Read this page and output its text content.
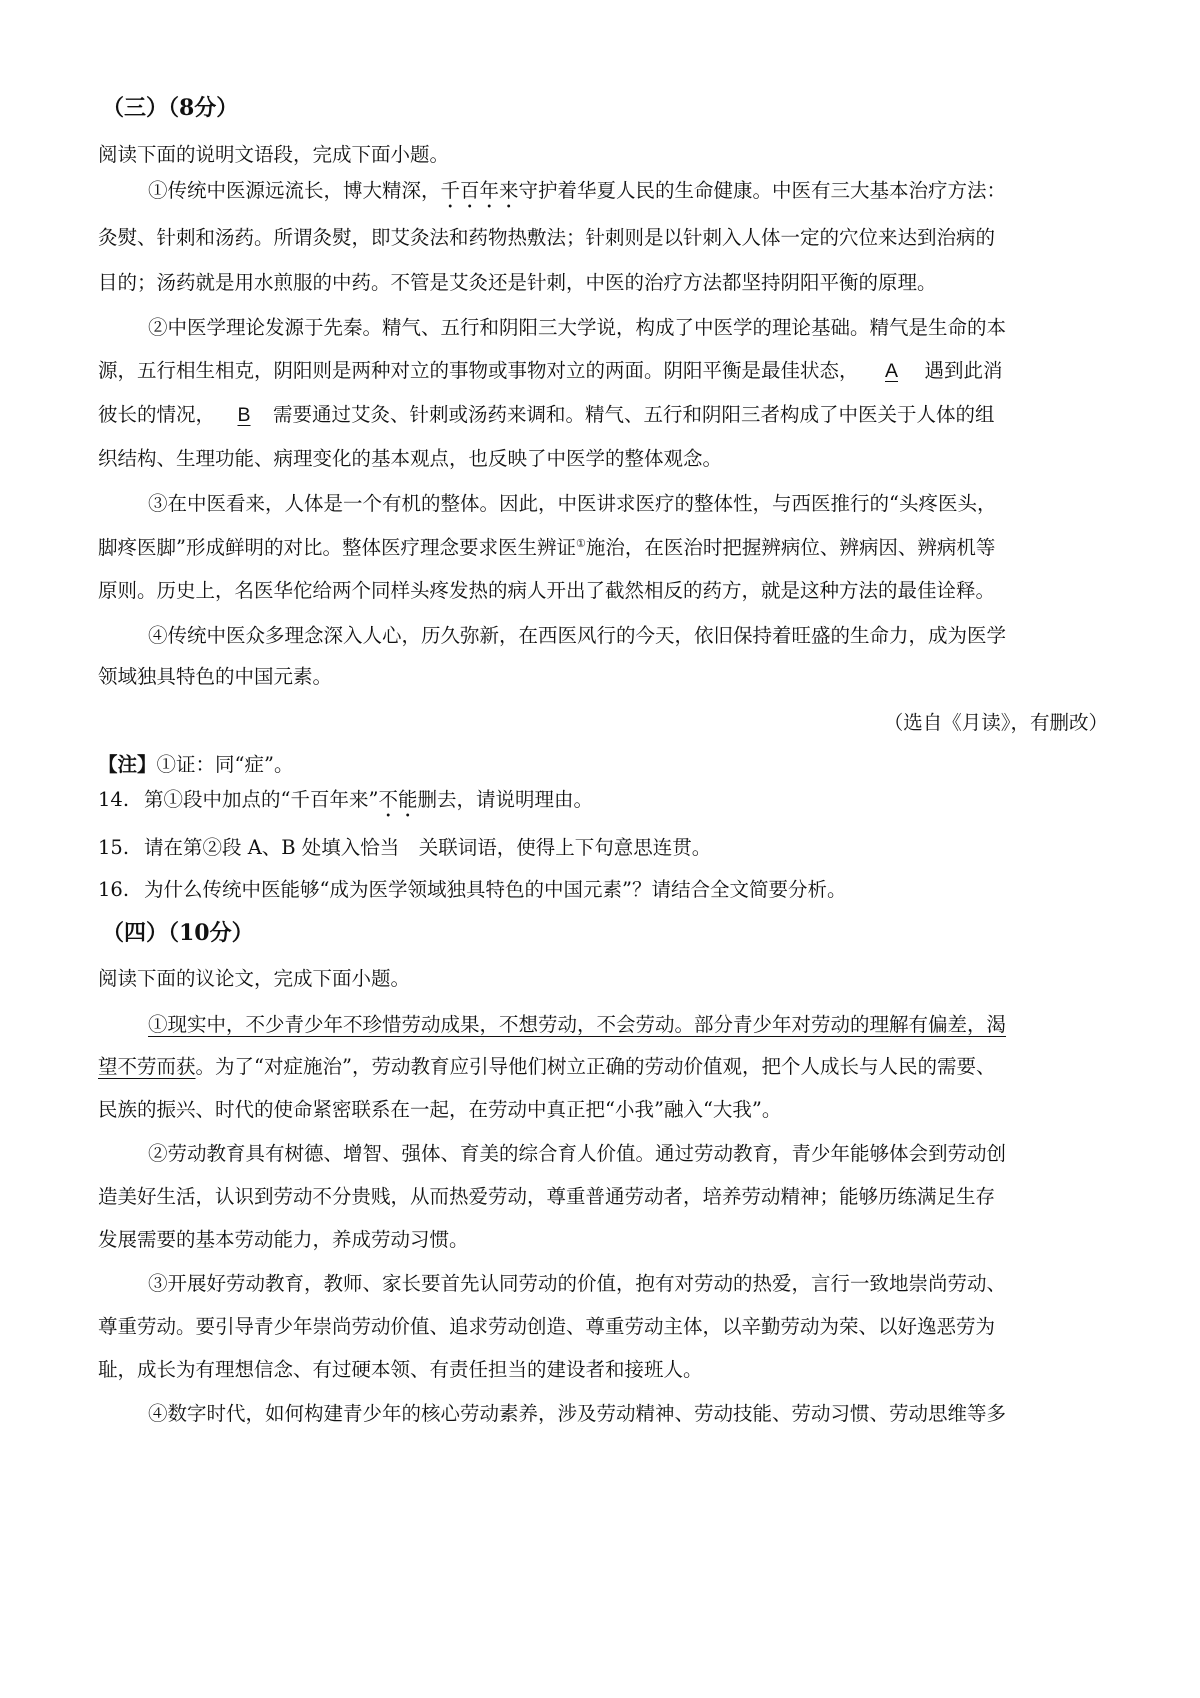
（三）（8分）
阅读下面的说明文语段，完成下面小题。
①传统中医源远流长，博大精深，千百年来守护着华夏人民的生命健康。中医有三大基本治疗方法：
灸熨、针刺和汤药。所谓灸熨，即艾灸法和药物热敷法；针刺则是以针刺入人体一定的穴位来达到治病的
目的；汤药就是用水煎服的中药。不管是艾灸还是针刺，中医的治疗方法都坚持阴阳平衡的原理。
②中医学理论发源于先秦。精气、五行和阴阳三大学说，构成了中医学的理论基础。精气是生命的本
源，五行相生相克，阴阳则是两种对立的事物或事物对立的两面。阴阳平衡是最佳状态， A 遇到此消
彼长的情况， B 需要通过艾灸、针刺或汤药来调和。精气、五行和阴阳三者构成了中医关于人体的组
织结构、生理功能、病理变化的基本观点，也反映了中医学的整体观念。
③在中医看来，人体是一个有机的整体。因此，中医讲求医疗的整体性，与西医推行的“头疼医头，
脚疼医脚”形成鲜明的对比。整体医疗理念要求医生辨证①施治，在医治时把握辨病位、辨病因、辨病机等
原则。历史上，名医华佗给两个同样头疼发热的病人开出了截然相反的药方，就是这种方法的最佳诠释。
④传统中医众多理念深入人心，历久弥新，在西医风行的今天，依旧保持着旺盛的生命力，成为医学
领域独具特色的中国元素。
（选自《月读》，有删改）
【注】①证：同“症”。
14. 第①段中加点的“千百年来”不能删去，请说明理由。
15. 请在第②段 A、B 处填入恰当　关联词语，使得上下句意思连贯。
16. 为什么传统中医能够“成为医学领域独具特色的中国元素”？请结合全文简要分析。
（四）（10分）
阅读下面的议论文，完成下面小题。
①现实中，不少青少年不珍惜劳动成果，不想劳动，不会劳动。部分青少年对劳动的理解有偏差，渴
望不劳而获。为了“对症施治”，劳动教育应引导他们树立正确的劳动价值观，把个人成长与人民的需要、
民族的振兴、时代的使命紧密联系在一起，在劳动中真正把“小我”融入“大我”。
②劳动教育具有树德、增智、强体、育美的综合育人价值。通过劳动教育，青少年能够体会到劳动创
造美好生活，认识到劳动不分贵贱，从而热爱劳动，尊重普通劳动者，培养劳动精神；能够历练满足生存
发展需要的基本劳动能力，养成劳动习惯。
③开展好劳动教育，教师、家长要首先认同劳动的价值，抱有对劳动的热爱，言行一致地崇尚劳动、
尊重劳动。要引导青少年崇尚劳动价值、追求劳动创造、尊重劳动主体，以辛勤劳动为荣、以好逸恶劳为
耻，成长为有理想信念、有过硬本领、有责任担当的建设者和接班人。
④数字时代，如何构建青少年的核心劳动素养，涉及劳动精神、劳动技能、劳动习惯、劳动思维等多
